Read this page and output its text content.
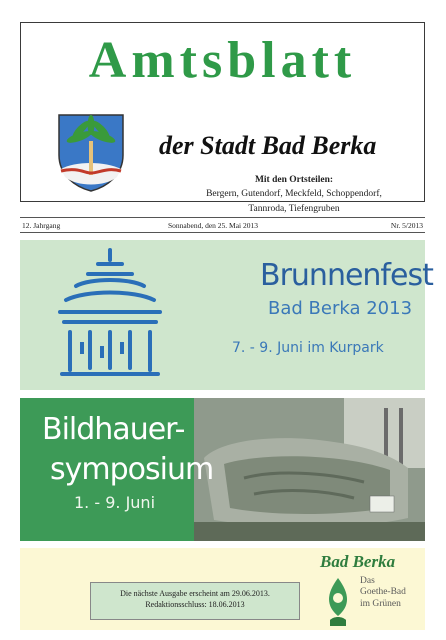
Amtsblatt
der Stadt Bad Berka
Mit den Ortsteilen:
Bergern, Gutendorf, Meckfeld, Schoppendorf,
Tannroda, Tiefengruben
12. Jahrgang	Sonnabend, den 25. Mai 2013	Nr. 5/2013
Brunnenfest
Bad Berka 2013
7. - 9. Juni im Kurpark
Bildhauer-
symposium
1. - 9. Juni
Die nächste Ausgabe erscheint am 29.06.2013.
Redaktionsschluss: 18.06.2013
Bad Berka
Das
Goethe-Bad
im Grünen
